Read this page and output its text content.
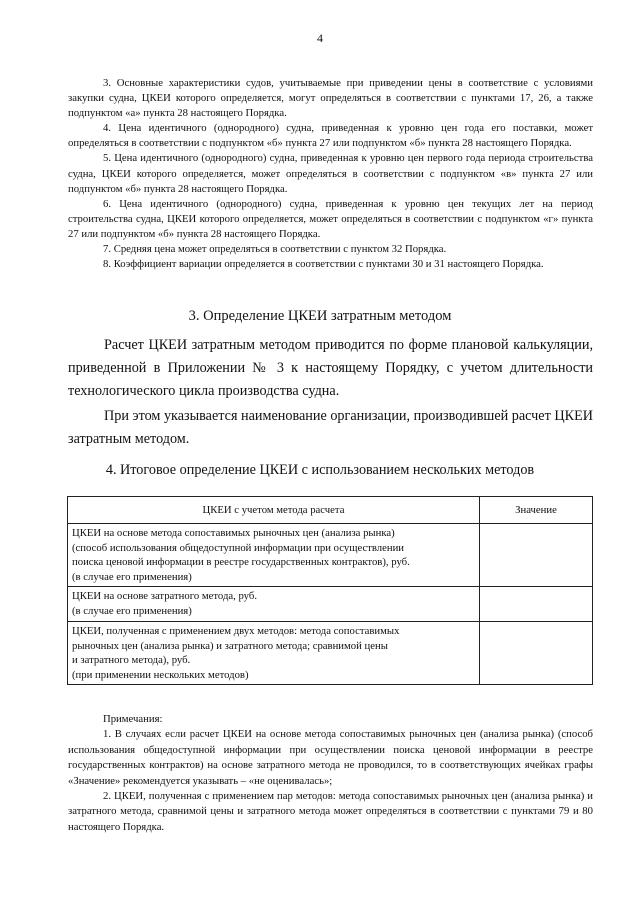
4

3. Основные характеристики судов, учитываемые при приведении цены в соответствие с условиями закупки судна, ЦКЕИ которого определяется, могут определяться в соответствии с пунктами 17, 26, а также подпунктом «а» пункта 28 настоящего Порядка.

4. Цена идентичного (однородного) судна, приведенная к уровню цен года его поставки, может определяться в соответствии с подпунктом «б» пункта 27 или подпунктом «б» пункта 28 настоящего Порядка.

5. Цена идентичного (однородного) судна, приведенная к уровню цен первого года периода строительства судна, ЦКЕИ которого определяется, может определяться в соответствии с подпунктом «в» пункта 27 или подпунктом «б» пункта 28 настоящего Порядка.

6. Цена идентичного (однородного) судна, приведенная к уровню цен текущих лет на период строительства судна, ЦКЕИ которого определяется, может определяться в соответствии с подпунктом «г» пункта 27 или подпунктом «б» пункта 28 настоящего Порядка.

7. Средняя цена может определяться в соответствии с пунктом 32 Порядка.

8. Коэффициент вариации определяется в соответствии с пунктами 30 и 31 настоящего Порядка.

3. Определение ЦКЕИ затратным методом

Расчет ЦКЕИ затратным методом приводится по форме плановой калькуляции, приведенной в Приложении № 3 к настоящему Порядку, с учетом длительности технологического цикла производства судна.

При этом указывается наименование организации, производившей расчет ЦКЕИ затратным методом.

4. Итоговое определение ЦКЕИ с использованием нескольких методов
ЦКЕИ с учетом метода расчета	Значение

ЦКЕИ на основе метода сопоставимых рыночных цен (анализа рынка)
(способ использования общедоступной информации при осуществлении
поиска ценовой информации в реестре государственных контрактов), руб.
(в случае его применения)	

ЦКЕИ на основе затратного метода, руб.
(в случае его применения)	

ЦКЕИ, полученная с применением двух методов: метода сопоставимых
рыночных цен (анализа рынка) и затратного метода; сравнимой цены
и затратного метода), руб.
(при применении нескольких методов)	

Примечания:

1. В случаях если расчет ЦКЕИ на основе метода сопоставимых рыночных цен (анализа рынка) (способ использования общедоступной информации при осуществлении поиска ценовой информации в реестре государственных контрактов) на основе затратного метода не проводился, то в соответствующих ячейках графы «Значение» рекомендуется указывать – «не оценивалась»;

2. ЦКЕИ, полученная с применением пар методов: метода сопоставимых рыночных цен (анализа рынка) и затратного метода, сравнимой цены и затратного метода может определяться в соответствии с пунктами 79 и 80 настоящего Порядка.
